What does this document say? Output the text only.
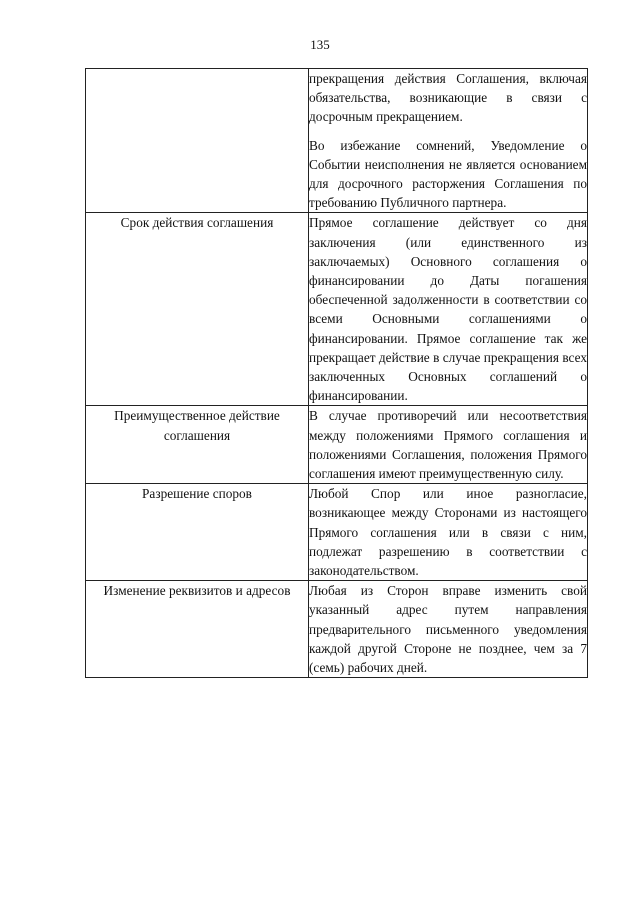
135

	прекращения действия Соглашения, включая обязательства, возникающие в связи с досрочным прекращением.

Во избежание сомнений, Уведомление о Событии неисполнения не является основанием для досрочного расторжения Соглашения по требованию Публичного партнера.

Срок действия соглашения	Прямое соглашение действует со дня заключения (или единственного из заключаемых) Основного соглашения о финансировании до Даты погашения обеспеченной задолженности в соответствии со всеми Основными соглашениями о финансировании. Прямое соглашение так же прекращает действие в случае прекращения всех заключенных Основных соглашений о финансировании.

Преимущественное действие соглашения	В случае противоречий или несоответствия между положениями Прямого соглашения и положениями Соглашения, положения Прямого соглашения имеют преимущественную силу.

Разрешение споров	Любой Спор или иное разногласие, возникающее между Сторонами из настоящего Прямого соглашения или в связи с ним, подлежат разрешению в соответствии с законодательством.

Изменение реквизитов и адресов	Любая из Сторон вправе изменить свой указанный адрес путем направления предварительного письменного уведомления каждой другой Стороне не позднее, чем за 7 (семь) рабочих дней.
